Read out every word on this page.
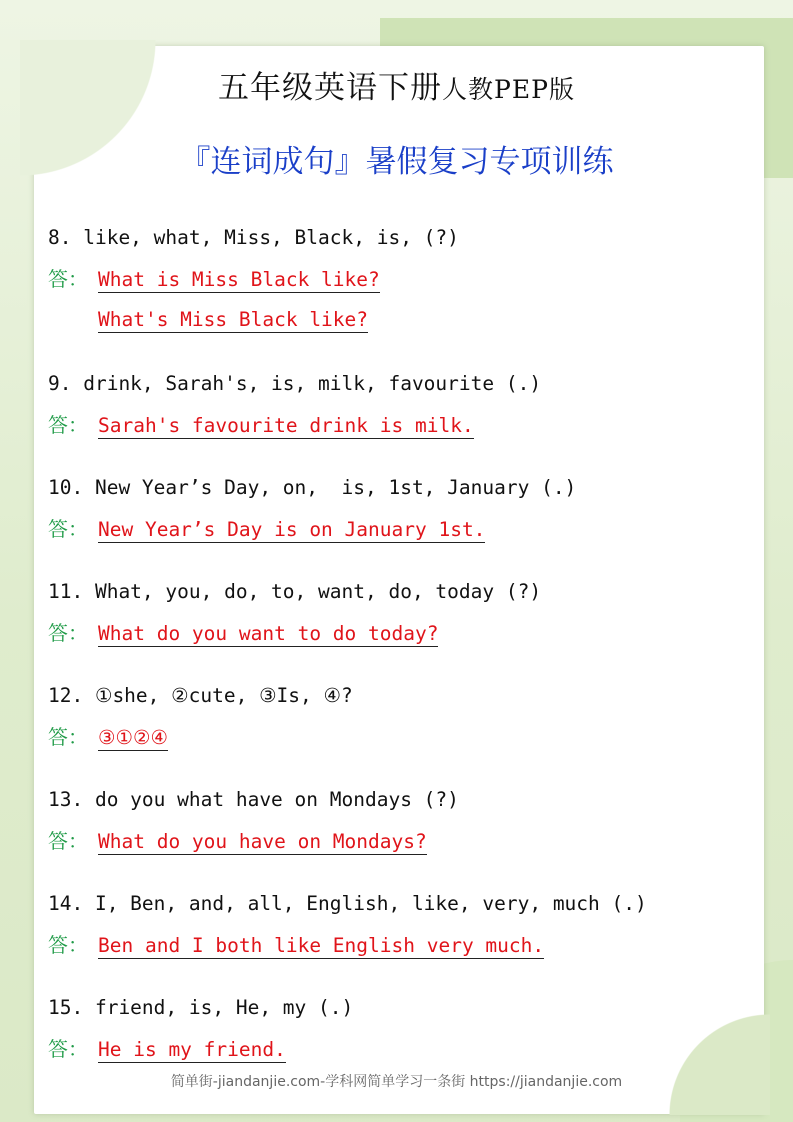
五年级英语下册人教PEP版
『连词成句』暑假复习专项训练
8. like, what, Miss, Black, is, (?)
答： What is Miss Black like?
What's Miss Black like?
9. drink, Sarah's, is, milk, favourite (.)
答： Sarah's favourite drink is milk.
10. New Year’s Day, on,  is, 1st, January (.)
答： New Year’s Day is on January 1st.
11. What, you, do, to, want, do, today (?)
答： What do you want to do today?
12. ①she, ②cute, ③Is, ④?
答： ③①②④
13. do you what have on Mondays (?)
答： What do you have on Mondays?
14. I, Ben, and, all, English, like, very, much (.)
答： Ben and I both like English very much.
15. friend, is, He, my (.)
答： He is my friend.
简单街-jiandanjie.com-学科网简单学习一条街 https://jiandanjie.com
